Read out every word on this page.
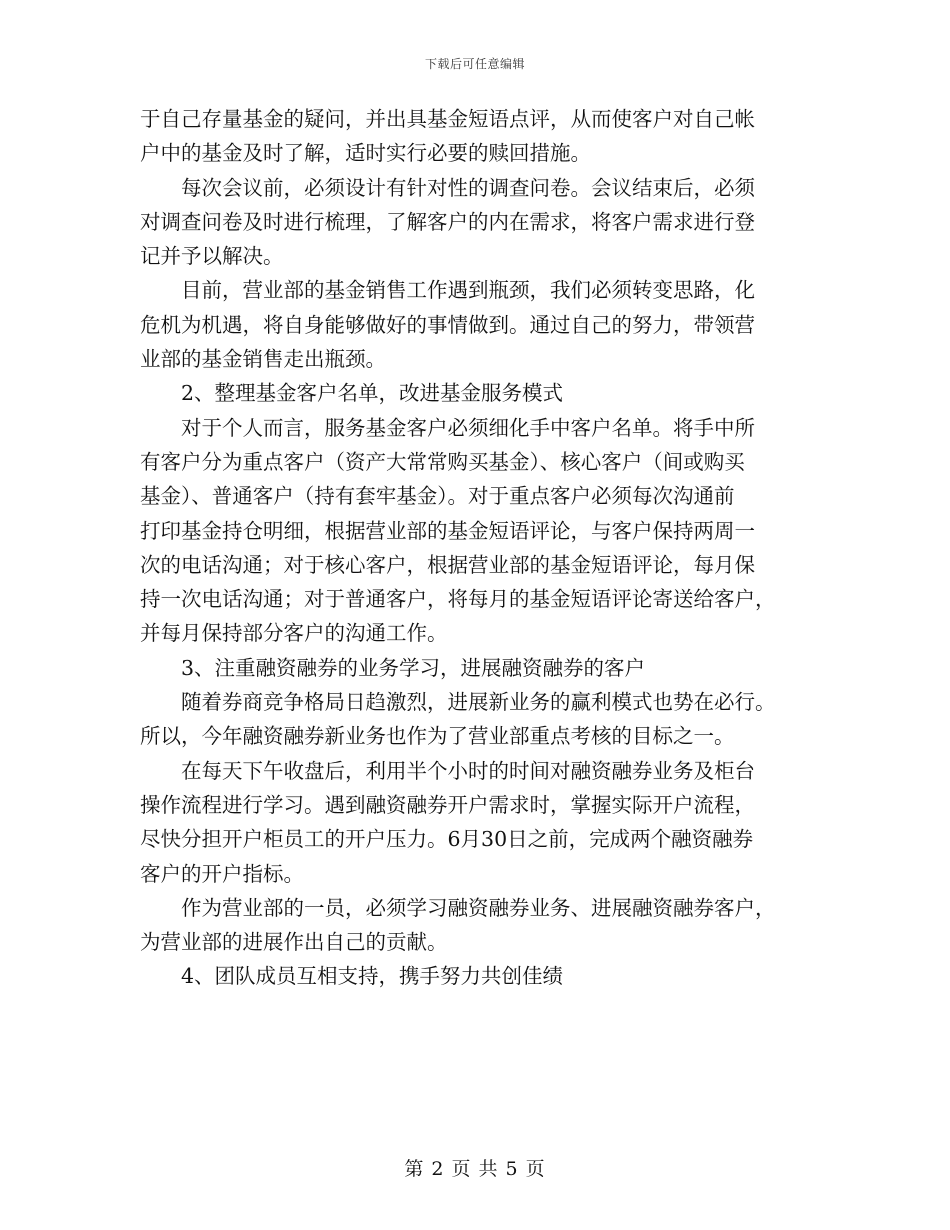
下载后可任意编辑
于自己存量基金的疑问，并出具基金短语点评，从而使客户对自己帐
户中的基金及时了解，适时实行必要的赎回措施。
每次会议前，必须设计有针对性的调查问卷。会议结束后，必须
对调查问卷及时进行梳理，了解客户的内在需求，将客户需求进行登
记并予以解决。
目前，营业部的基金销售工作遇到瓶颈，我们必须转变思路，化
危机为机遇，将自身能够做好的事情做到。通过自己的努力，带领营
业部的基金销售走出瓶颈。
2、整理基金客户名单，改进基金服务模式
对于个人而言，服务基金客户必须细化手中客户名单。将手中所
有客户分为重点客户（资产大常常购买基金）、核心客户（间或购买
基金）、普通客户（持有套牢基金）。对于重点客户必须每次沟通前
打印基金持仓明细，根据营业部的基金短语评论，与客户保持两周一
次的电话沟通；对于核心客户，根据营业部的基金短语评论，每月保
持一次电话沟通；对于普通客户，将每月的基金短语评论寄送给客户，
并每月保持部分客户的沟通工作。
3、注重融资融券的业务学习，进展融资融券的客户
随着券商竞争格局日趋激烈，进展新业务的赢利模式也势在必行。
所以，今年融资融券新业务也作为了营业部重点考核的目标之一。
在每天下午收盘后，利用半个小时的时间对融资融券业务及柜台
操作流程进行学习。遇到融资融券开户需求时，掌握实际开户流程，
尽快分担开户柜员工的开户压力。6月30日之前，完成两个融资融券
客户的开户指标。
作为营业部的一员，必须学习融资融券业务、进展融资融券客户，
为营业部的进展作出自己的贡献。
4、团队成员互相支持，携手努力共创佳绩
第 2 页 共 5 页
